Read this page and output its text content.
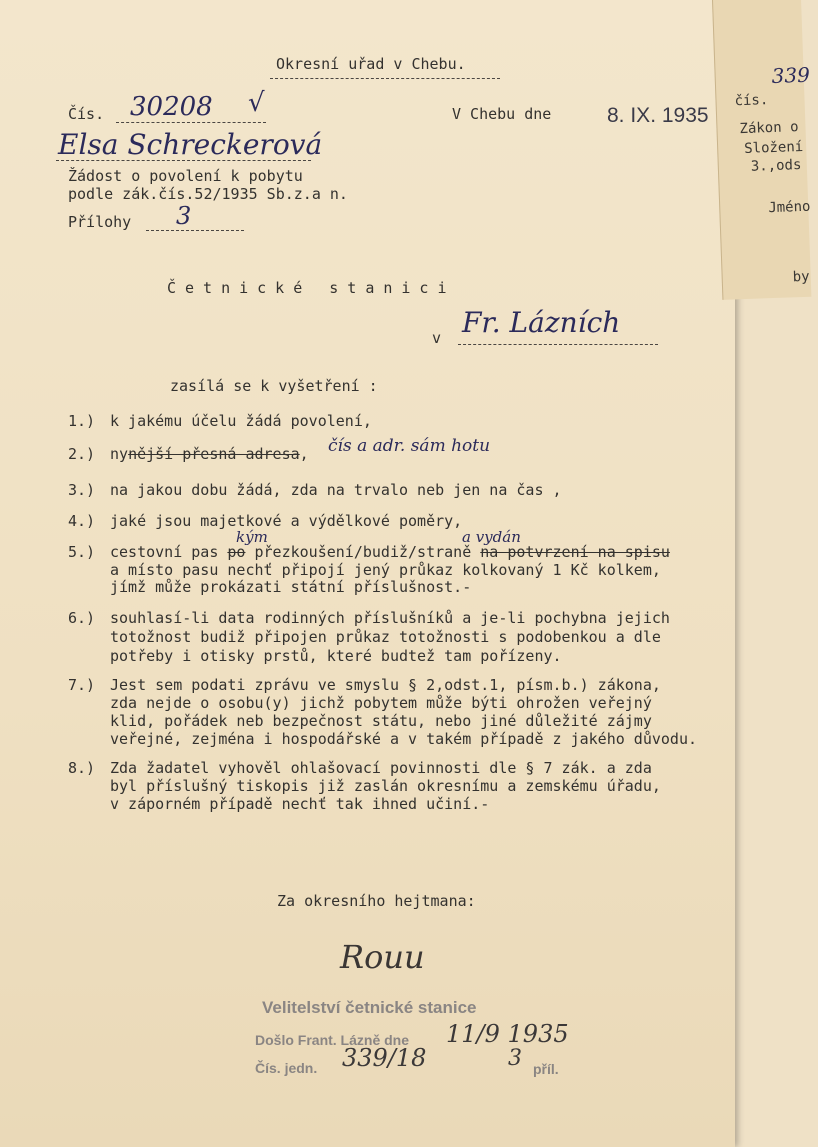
Okresní uřad v Chebu.
Čís. 30208 √	V Chebu dne	8. IX. 1935
Elsa Schreckerová
Žádost o povolení k pobytu
podle zák.čís.52/1935 Sb.z.a n.
Přílohy 3
Četnické stanici
v Fr. Lázních
zasílá se k vyšetření :
1.) k jakému účelu žádá povolení,
2.) nynější přesná adresa, čís a adr. sám hotu
3.) na jakou dobu žádá, zda na trvalo neb jen na čas ,
4.) jaké jsou majetkové a výdělkové poměry,
kým	a vydán
5.) cestovní pas po přezkoušení/budiž/straně na potvrzení na spisu
a místo pasu nechť připojí jený průkaz kolkovaný 1 Kč kolkem,
jímž může prokázati státní příslušnost.-
6.) souhlasí-li data rodinných příslušníků a je-li pochybna jejich
totožnost budiž připojen průkaz totožnosti s podobenkou a dle
potřeby i otisky prstů, které budtež tam pořízeny.
7.) Jest sem podati zprávu ve smyslu § 2,odst.1, písm.b.) zákona,
zda nejde o osobu(y) jichž pobytem může býti ohrožen veřejný
klid, pořádek neb bezpečnost státu, nebo jiné důležité zájmy
veřejné, zejména i hospodářské a v takém případě z jakého důvodu.
8.) Zda žadatel vyhověl ohlašovací povinnosti dle § 7 zák. a zda
byl příslušný tiskopis již zaslán okresnímu a zemskému úřadu,
v záporném případě nechť tak ihned učiní.-
Za okresního hejtmana:
Rouu
Velitelství četnické stanice
Došlo Frant. Lázně dne 11/9 1935
Čís. jedn. 339/18	3 příl.
čís.
339
Zákon o
Složení
3.,ods
Jméno
by
